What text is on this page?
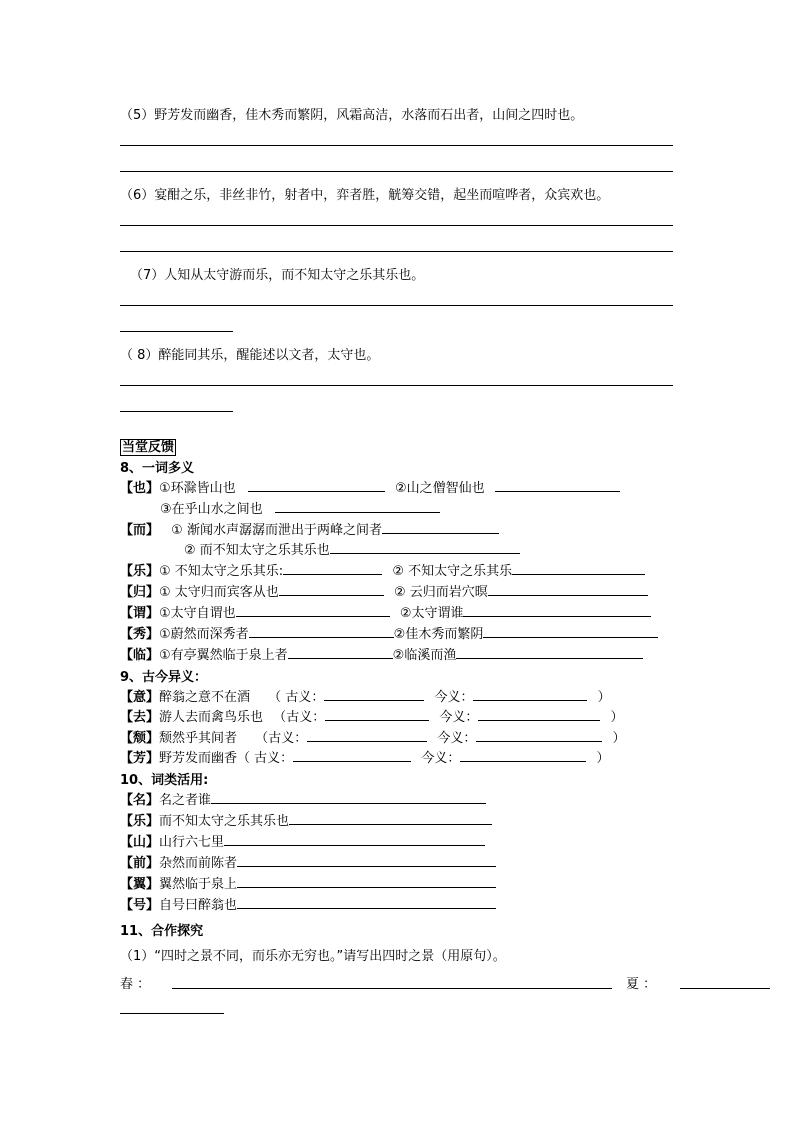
（5）野芳发而幽香，佳木秀而繁阴，风霜高洁，水落而石出者，山间之四时也。
（6）宴酣之乐，非丝非竹，射者中，弈者胜，觥筹交错，起坐而喧哗者，众宾欢也。
（7）人知从太守游而乐，而不知太守之乐其乐也。
（ 8）醉能同其乐，醒能述以文者，太守也。
当堂反馈
8、一词多义
【也】①环滁皆山也	②山之僧智仙也
③在乎山水之间也
【而】 ① 渐闻水声潺潺而泄出于两峰之间者
② 而不知太守之乐其乐也
【乐】① 不知太守之乐其乐:	② 不知太守之乐其乐
【归】① 太守归而宾客从也	② 云归而岩穴暝
【谓】①太守自谓也	②太守谓谁
【秀】①蔚然而深秀者	②佳木秀而繁阴
【临】①有亭翼然临于泉上者	②临溪而渔
9、古今异义：
【意】醉翁之意不在酒 （ 古义：	今义：	）
【去】游人去而禽鸟乐也 （古义：	今义：	）
【颓】颓然乎其间者 （古义：	今义：	）
【芳】野芳发而幽香（ 古义：	今义：	）
10、词类活用:
【名】名之者谁
【乐】而不知太守之乐其乐也
【山】山行六七里
【前】杂然而前陈者
【翼】翼然临于泉上
【号】自号曰醉翁也
11、合作探究
（1）“四时之景不同，而乐亦无穷也。”请写出四时之景（用原句）。
春 ：	夏 ：
